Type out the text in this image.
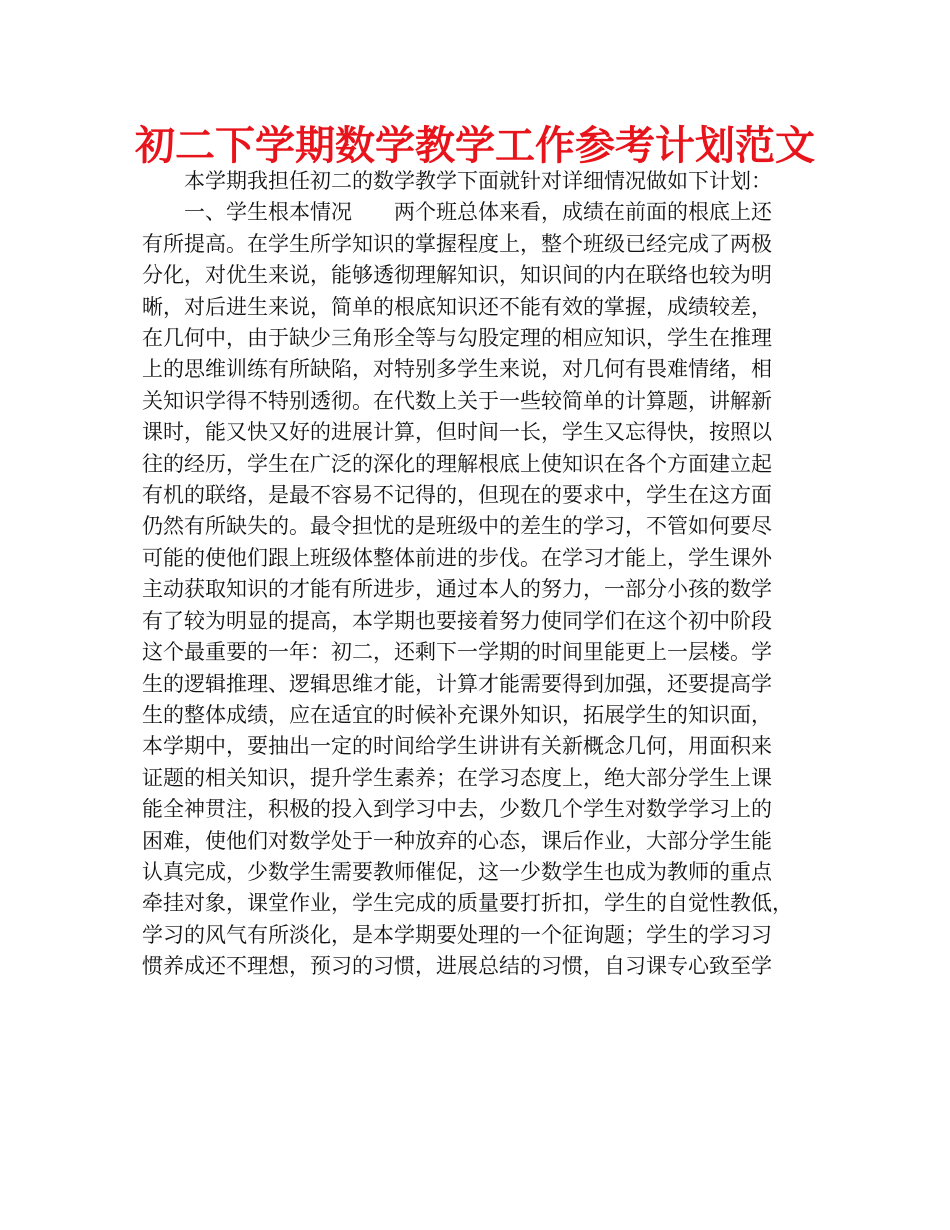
初二下学期数学教学工作参考计划范文
　　本学期我担任初二的数学教学下面就针对详细情况做如下计划：
　　一、学生根本情况　　两个班总体来看，成绩在前面的根底上还
有所提高。在学生所学知识的掌握程度上，整个班级已经完成了两极
分化，对优生来说，能够透彻理解知识，知识间的内在联络也较为明
晰，对后进生来说，简单的根底知识还不能有效的掌握，成绩较差，
在几何中，由于缺少三角形全等与勾股定理的相应知识，学生在推理
上的思维训练有所缺陷，对特别多学生来说，对几何有畏难情绪，相
关知识学得不特别透彻。在代数上关于一些较简单的计算题，讲解新
课时，能又快又好的进展计算，但时间一长，学生又忘得快，按照以
往的经历，学生在广泛的深化的理解根底上使知识在各个方面建立起
有机的联络，是最不容易不记得的，但现在的要求中，学生在这方面
仍然有所缺失的。最令担忧的是班级中的差生的学习，不管如何要尽
可能的使他们跟上班级体整体前进的步伐。在学习才能上，学生课外
主动获取知识的才能有所进步，通过本人的努力，一部分小孩的数学
有了较为明显的提高，本学期也要接着努力使同学们在这个初中阶段
这个最重要的一年：初二，还剩下一学期的时间里能更上一层楼。学
生的逻辑推理、逻辑思维才能，计算才能需要得到加强，还要提高学
生的整体成绩，应在适宜的时候补充课外知识，拓展学生的知识面，
本学期中，要抽出一定的时间给学生讲讲有关新概念几何，用面积来
证题的相关知识，提升学生素养；在学习态度上，绝大部分学生上课
能全神贯注，积极的投入到学习中去，少数几个学生对数学学习上的
困难，使他们对数学处于一种放弃的心态，课后作业，大部分学生能
认真完成，少数学生需要教师催促，这一少数学生也成为教师的重点
牵挂对象，课堂作业，学生完成的质量要打折扣，学生的自觉性教低，
学习的风气有所淡化，是本学期要处理的一个征询题；学生的学习习
惯养成还不理想，预习的习惯，进展总结的习惯，自习课专心致至学
